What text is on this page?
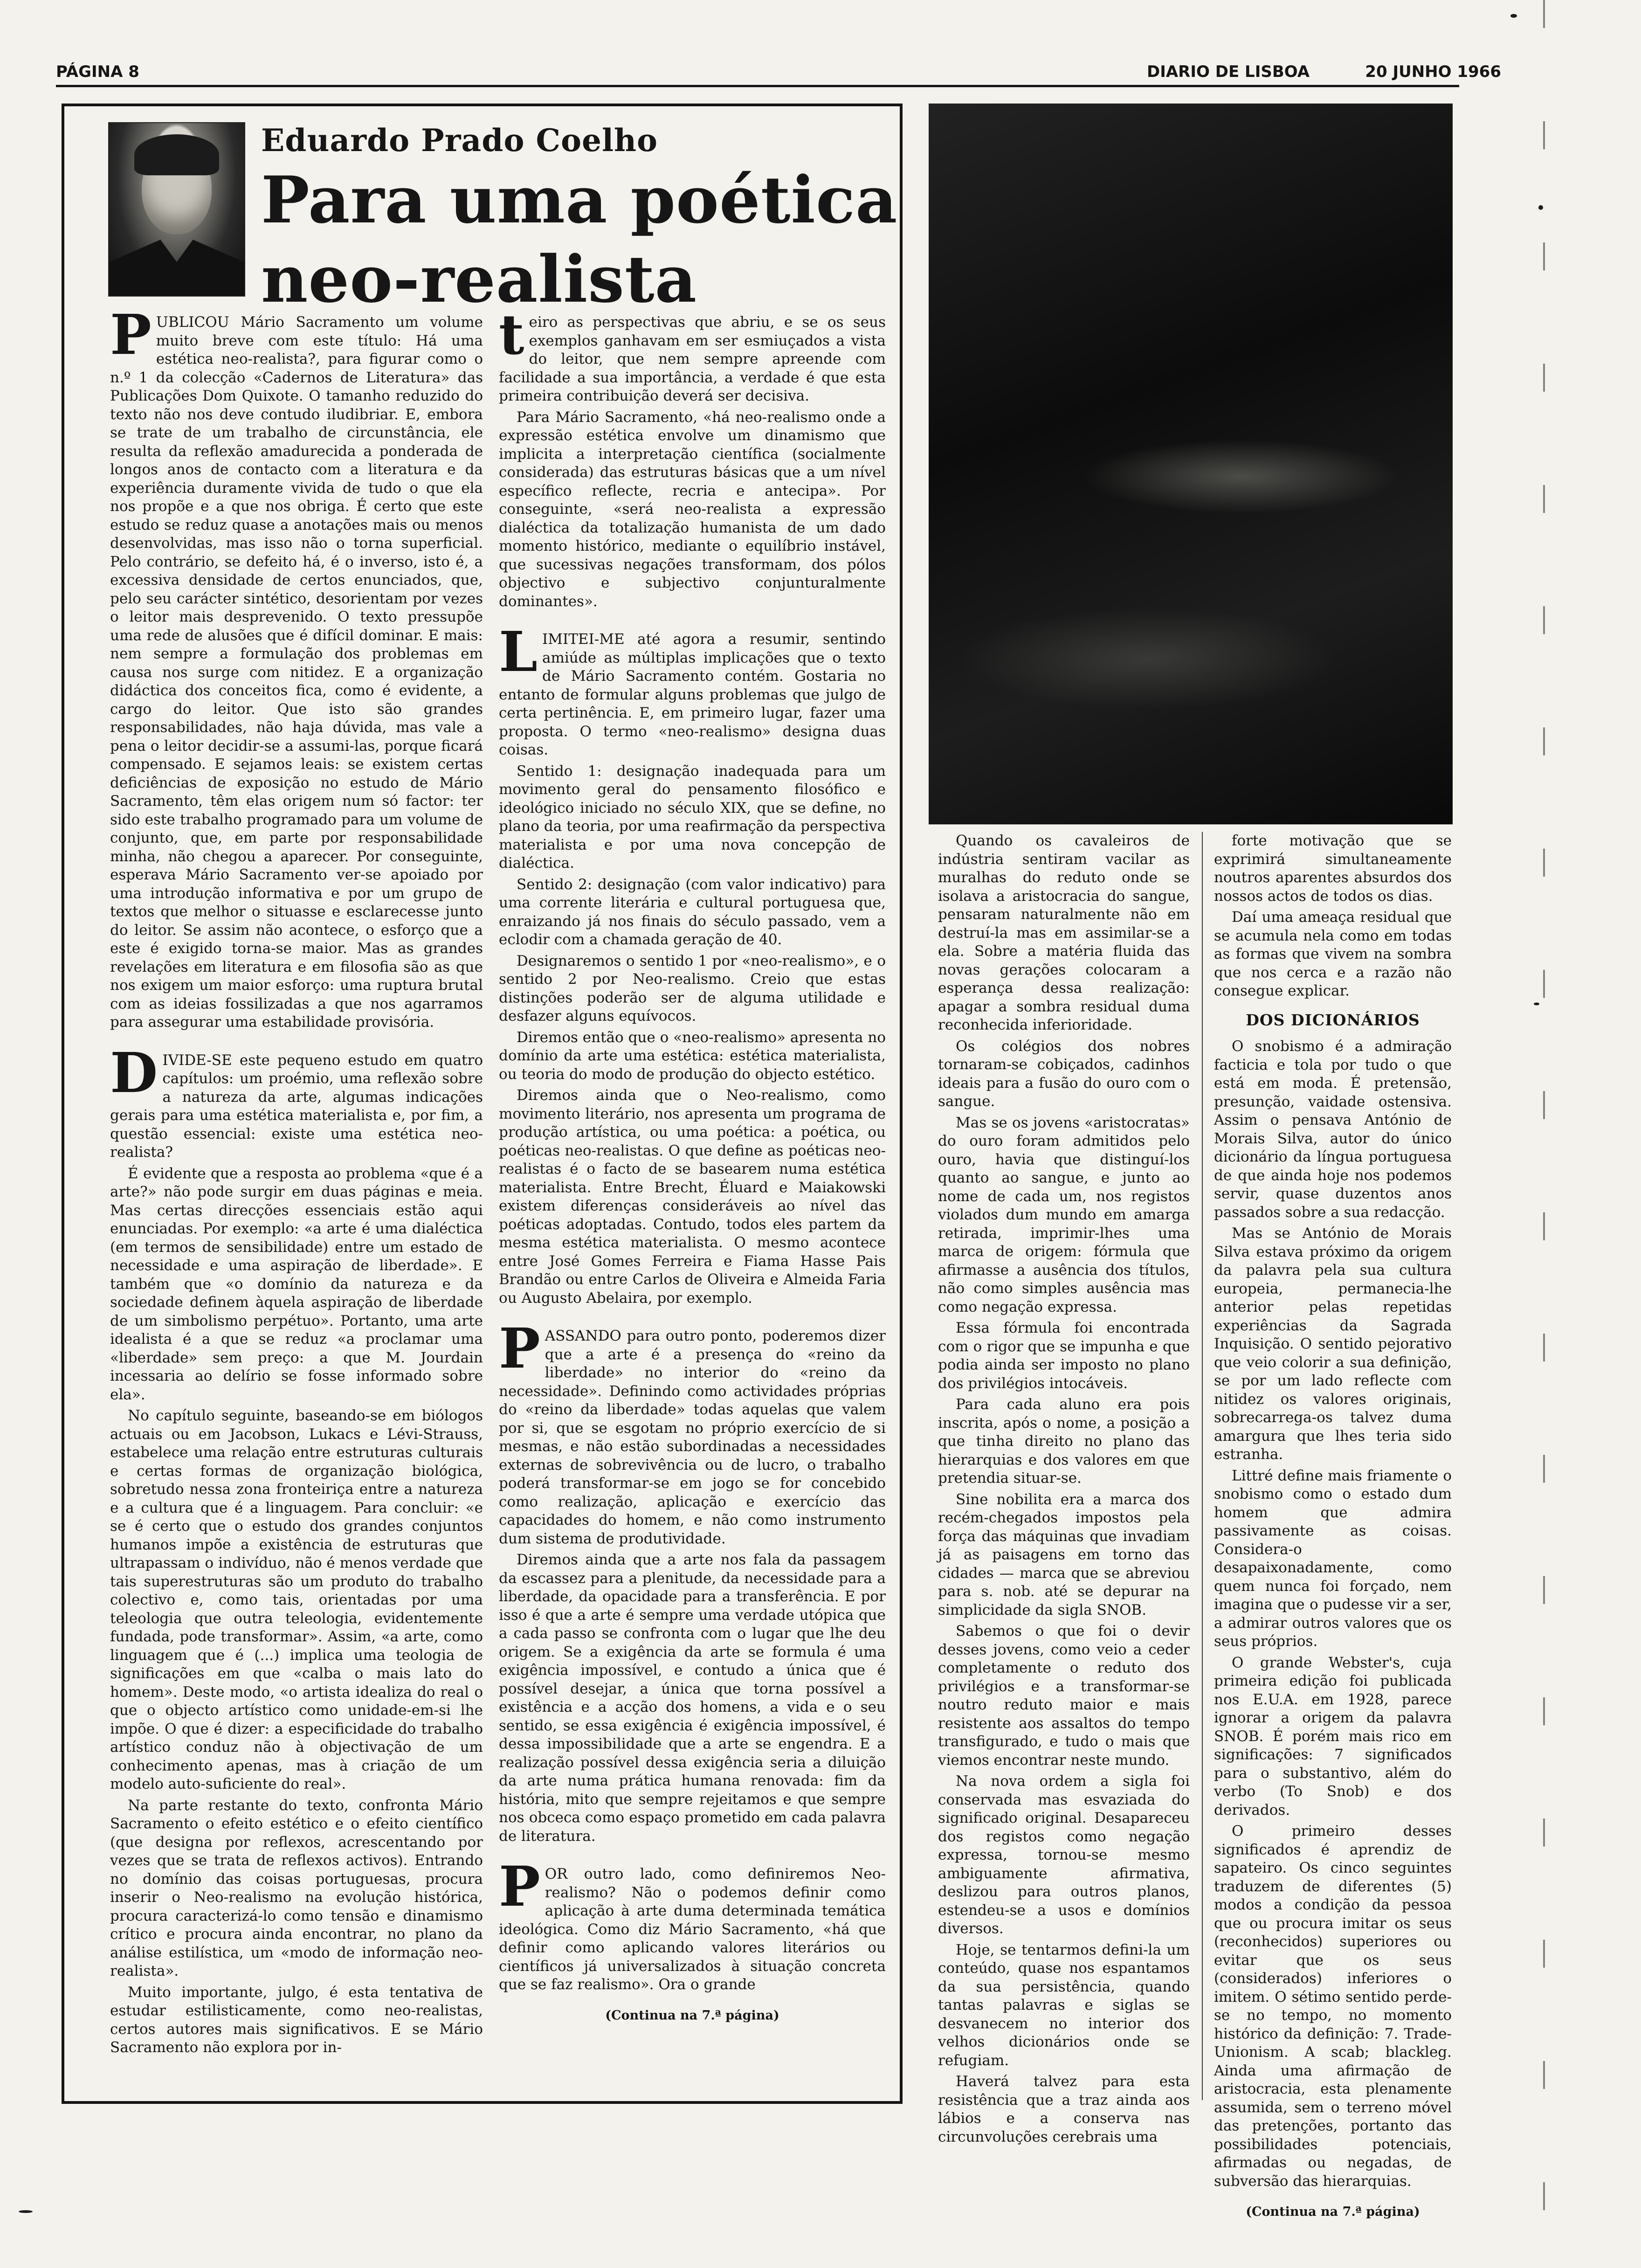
PÁGINA 8	DIARIO DE LISBOA	20 JUNHO 1966
Eduardo Prado Coelho
Para uma poética
neo-realista

PUBLICOU Mário Sacramento um volume muito breve com este título: Há uma estética neo-realista?, para figurar como o n.º 1 da colecção «Cadernos de Literatura» das Publicações Dom Quixote. O tamanho reduzido do texto não nos deve contudo iludibriar. E, embora se trate de um trabalho de circunstância, ele resulta da reflexão amadurecida a ponderada de longos anos de contacto com a literatura e da experiência duramente vivida de tudo o que ela nos propõe e a que nos obriga. É certo que este estudo se reduz quase a anotações mais ou menos desenvolvidas, mas isso não o torna superficial. Pelo contrário, se defeito há, é o inverso, isto é, a excessiva densidade de certos enunciados, que, pelo seu carácter sintético, desorientam por vezes o leitor mais desprevenido. O texto pressupõe uma rede de alusões que é difícil dominar. E mais: nem sempre a formulação dos problemas em causa nos surge com nitidez. E a organização didáctica dos conceitos fica, como é evidente, a cargo do leitor. Que isto são grandes responsabilidades, não haja dúvida, mas vale a pena o leitor decidir-se a assumi-las, porque ficará compensado. E sejamos leais: se existem certas deficiências de exposição no estudo de Mário Sacramento, têm elas origem num só factor: ter sido este trabalho programado para um volume de conjunto, que, em parte por responsabilidade minha, não chegou a aparecer. Por conseguinte, esperava Mário Sacramento ver-se apoiado por uma introdução informativa e por um grupo de textos que melhor o situasse e esclarecesse junto do leitor. Se assim não acontece, o esforço que a este é exigido torna-se maior. Mas as grandes revelações em literatura e em filosofia são as que nos exigem um maior esforço: uma ruptura brutal com as ideias fossilizadas a que nos agarramos para assegurar uma estabilidade provisória.

DIVIDE-SE este pequeno estudo em quatro capítulos: um proémio, uma reflexão sobre a natureza da arte, algumas indicações gerais para uma estética materialista e, por fim, a questão essencial: existe uma estética neo-realista?

É evidente que a resposta ao problema «que é a arte?» não pode surgir em duas páginas e meia. Mas certas direcções essenciais estão aqui enunciadas. Por exemplo: «a arte é uma dialéctica (em termos de sensibilidade) entre um estado de necessidade e uma aspiração de liberdade». E também que «o domínio da natureza e da sociedade definem àquela aspiração de liberdade de um simbolismo perpétuo». Portanto, uma arte idealista é a que se reduz «a proclamar uma «liberdade» sem preço: a que M. Jourdain incessaria ao delírio se fosse informado sobre ela».

No capítulo seguinte, baseando-se em biólogos actuais ou em Jacobson, Lukacs e Lévi-Strauss, estabelece uma relação entre estruturas culturais e certas formas de organização biológica, sobretudo nessa zona fronteiriça entre a natureza e a cultura que é a linguagem. Para concluir: «e se é certo que o estudo dos grandes conjuntos humanos impõe a existência de estruturas que ultrapassam o indivíduo, não é menos verdade que tais superestruturas são um produto do trabalho colectivo e, como tais, orientadas por uma teleologia que outra teleologia, evidentemente fundada, pode transformar». Assim, «a arte, como linguagem que é (...) implica uma teologia de significações em que «calba o mais lato do homem». Deste modo, «o artista idealiza do real o que o objecto artístico como unidade-em-si lhe impõe. O que é dizer: a especificidade do trabalho artístico conduz não à objectivação de um conhecimento apenas, mas à criação de um modelo auto-suficiente do real».

Na parte restante do texto, confronta Mário Sacramento o efeito estético e o efeito científico (que designa por reflexos, acrescentando por vezes que se trata de reflexos activos). Entrando no domínio das coisas portuguesas, procura inserir o Neo-realismo na evolução histórica, procura caracterizá-lo como tensão e dinamismo crítico e procura ainda encontrar, no plano da análise estilística, um «modo de informação neo-realista».

Muito importante, julgo, é esta tentativa de estudar estilisticamente, como neo-realistas, certos autores mais significativos. E se Mário Sacramento não explora por in-

teiro as perspectivas que abriu, e se os seus exemplos ganhavam em ser esmiuçados a vista do leitor, que nem sempre apreende com facilidade a sua importância, a verdade é que esta primeira contribuição deverá ser decisiva.

Para Mário Sacramento, «há neo-realismo onde a expressão estética envolve um dinamismo que implicita a interpretação científica (socialmente considerada) das estruturas básicas que a um nível específico reflecte, recria e antecipa». Por conseguinte, «será neo-realista a expressão dialéctica da totalização humanista de um dado momento histórico, mediante o equilíbrio instável, que sucessivas negações transformam, dos pólos objectivo e subjectivo conjunturalmente dominantes».

LIMITEI-ME até agora a resumir, sentindo amiúde as múltiplas implicações que o texto de Mário Sacramento contém. Gostaria no entanto de formular alguns problemas que julgo de certa pertinência. E, em primeiro lugar, fazer uma proposta. O termo «neo-realismo» designa duas coisas.

Sentido 1: designação inadequada para um movimento geral do pensamento filosófico e ideológico iniciado no século XIX, que se define, no plano da teoria, por uma reafirmação da perspectiva materialista e por uma nova concepção de dialéctica.

Sentido 2: designação (com valor indicativo) para uma corrente literária e cultural portuguesa que, enraizando já nos finais do século passado, vem a eclodir com a chamada geração de 40.

Designaremos o sentido 1 por «neo-realismo», e o sentido 2 por Neo-realismo. Creio que estas distinções poderão ser de alguma utilidade e desfazer alguns equívocos.

Diremos então que o «neo-realismo» apresenta no domínio da arte uma estética: estética materialista, ou teoria do modo de produção do objecto estético.

Diremos ainda que o Neo-realismo, como movimento literário, nos apresenta um programa de produção artística, ou uma poética: a poética, ou poéticas neo-realistas. O que define as poéticas neo-realistas é o facto de se basearem numa estética materialista. Entre Brecht, Éluard e Maiakowski existem diferenças consideráveis ao nível das poéticas adoptadas. Contudo, todos eles partem da mesma estética materialista. O mesmo acontece entre José Gomes Ferreira e Fiama Hasse Pais Brandão ou entre Carlos de Oliveira e Almeida Faria ou Augusto Abelaira, por exemplo.

PASSANDO para outro ponto, poderemos dizer que a arte é a presença do «reino da liberdade» no interior do «reino da necessidade». Definindo como actividades próprias do «reino da liberdade» todas aquelas que valem por si, que se esgotam no próprio exercício de si mesmas, e não estão subordinadas a necessidades externas de sobrevivência ou de lucro, o trabalho poderá transformar-se em jogo se for concebido como realização, aplicação e exercício das capacidades do homem, e não como instrumento dum sistema de produtividade.

Diremos ainda que a arte nos fala da passagem da escassez para a plenitude, da necessidade para a liberdade, da opacidade para a transferência. E por isso é que a arte é sempre uma verdade utópica que a cada passo se confronta com o lugar que lhe deu origem. Se a exigência da arte se formula é uma exigência impossível, e contudo a única que é possível desejar, a única que torna possível a existência e a acção dos homens, a vida e o seu sentido, se essa exigência é exigência impossível, é dessa impossibilidade que a arte se engendra. E a realização possível dessa exigência seria a diluição da arte numa prática humana renovada: fim da história, mito que sempre rejeitamos e que sempre nos obceca como espaço prometido em cada palavra de literatura.

POR outro lado, como definiremos Neo-realismo? Não o podemos definir como aplicação à arte duma determinada temática ideológica. Como diz Mário Sacramento, «há que definir como aplicando valores literários ou científicos já universalizados à situação concreta que se faz realismo». Ora o grande

(Continua na 7.ª página)

Quando os cavaleiros de indústria sentiram vacilar as muralhas do reduto onde se isolava a aristocracia do sangue, pensaram naturalmente não em destruí-la mas em assimilar-se a ela. Sobre a matéria fluida das novas gerações colocaram a esperança dessa realização: apagar a sombra residual duma reconhecida inferioridade.

Os colégios dos nobres tornaram-se cobiçados, cadinhos ideais para a fusão do ouro com o sangue.

Mas se os jovens «aristocratas» do ouro foram admitidos pelo ouro, havia que distinguí-los quanto ao sangue, e junto ao nome de cada um, nos registos violados dum mundo em amarga retirada, imprimir-lhes uma marca de origem: fórmula que afirmasse a ausência dos títulos, não como simples ausência mas como negação expressa.

Essa fórmula foi encontrada com o rigor que se impunha e que podia ainda ser imposto no plano dos privilégios intocáveis.

Para cada aluno era pois inscrita, após o nome, a posição a que tinha direito no plano das hierarquias e dos valores em que pretendia situar-se.

Sine nobilita era a marca dos recém-chegados impostos pela força das máquinas que invadiam já as paisagens em torno das cidades — marca que se abreviou para s. nob. até se depurar na simplicidade da sigla SNOB.

Sabemos o que foi o devir desses jovens, como veio a ceder completamente o reduto dos privilégios e a transformar-se noutro reduto maior e mais resistente aos assaltos do tempo transfigurado, e tudo o mais que viemos encontrar neste mundo.

Na nova ordem a sigla foi conservada mas esvaziada do significado original. Desapareceu dos registos como negação expressa, tornou-se mesmo ambiguamente afirmativa, deslizou para outros planos, estendeu-se a usos e domínios diversos.

Hoje, se tentarmos defini-la um conteúdo, quase nos espantamos da sua persistência, quando tantas palavras e siglas se desvanecem no interior dos velhos dicionários onde se refugiam.

Haverá talvez para esta resistência que a traz ainda aos lábios e a conserva nas circunvoluções cerebrais uma

forte motivação que se exprimirá simultaneamente noutros aparentes absurdos dos nossos actos de todos os dias.

Daí uma ameaça residual que se acumula nela como em todas as formas que vivem na sombra que nos cerca e a razão não consegue explicar.

DOS DICIONÁRIOS

O snobismo é a admiração facticia e tola por tudo o que está em moda. É pretensão, presunção, vaidade ostensiva. Assim o pensava António de Morais Silva, autor do único dicionário da língua portuguesa de que ainda hoje nos podemos servir, quase duzentos anos passados sobre a sua redacção.

Mas se António de Morais Silva estava próximo da origem da palavra pela sua cultura europeia, permanecia-lhe anterior pelas repetidas experiências da Sagrada Inquisição. O sentido pejorativo que veio colorir a sua definição, se por um lado reflecte com nitidez os valores originais, sobrecarrega-os talvez duma amargura que lhes teria sido estranha.

Littré define mais friamente o snobismo como o estado dum homem que admira passivamente as coisas. Considera-o desapaixonadamente, como quem nunca foi forçado, nem imagina que o pudesse vir a ser, a admirar outros valores que os seus próprios.

O grande Webster's, cuja primeira edição foi publicada nos E.U.A. em 1928, parece ignorar a origem da palavra SNOB. É porém mais rico em significações: 7 significados para o substantivo, além do verbo (To Snob) e dos derivados.

O primeiro desses significados é aprendiz de sapateiro. Os cinco seguintes traduzem de diferentes (5) modos a condição da pessoa que ou procura imitar os seus (reconhecidos) superiores ou evitar que os seus (considerados) inferiores o imitem. O sétimo sentido perde-se no tempo, no momento histórico da definição: 7. Trade-Unionism. A scab; blackleg. Ainda uma afirmação de aristocracia, esta plenamente assumida, sem o terreno móvel das pretenções, portanto das possibilidades potenciais, afirmadas ou negadas, de subversão das hierarquias.

(Continua na 7.ª página)
